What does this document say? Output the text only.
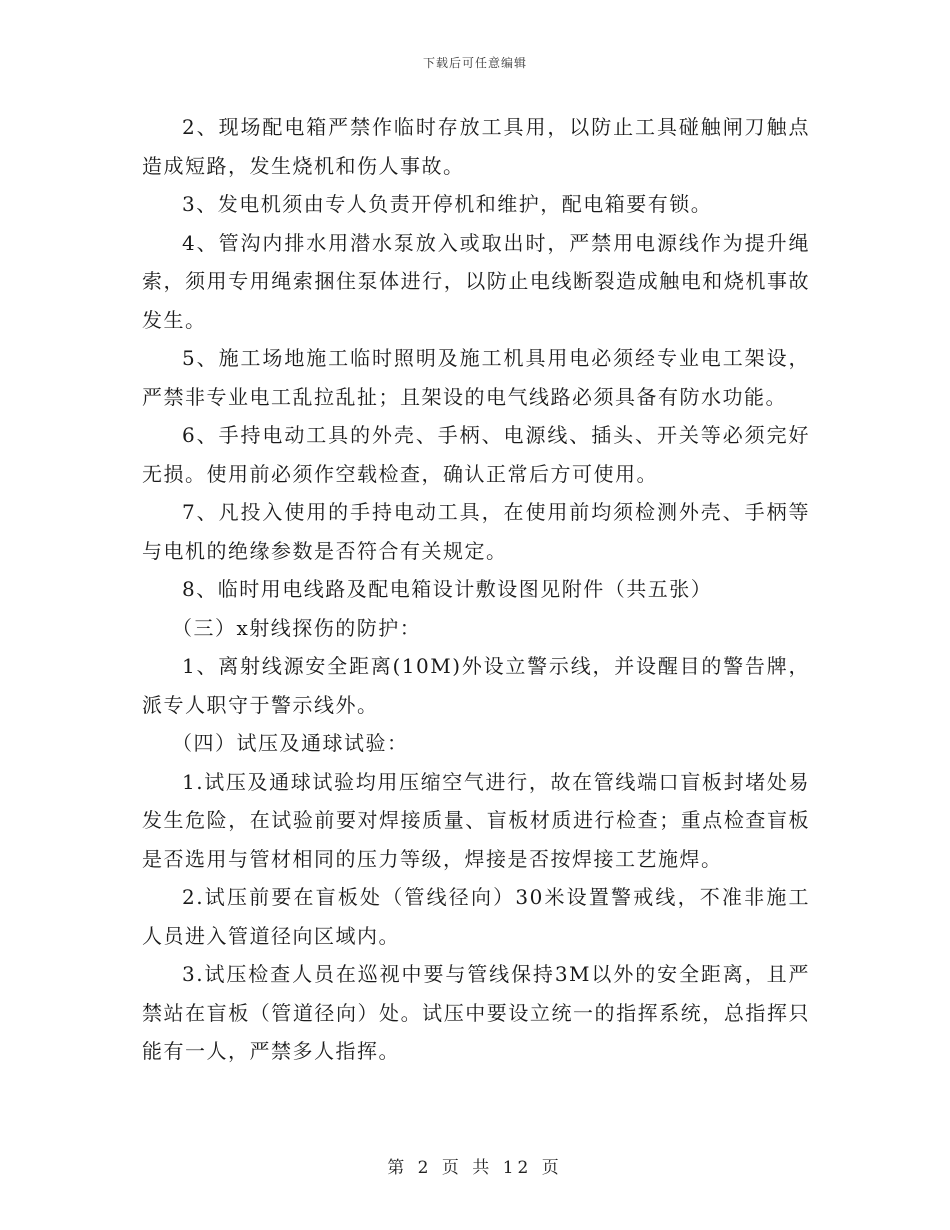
下载后可任意编辑

2、现场配电箱严禁作临时存放工具用，以防止工具碰触闸刀触点造成短路，发生烧机和伤人事故。

3、发电机须由专人负责开停机和维护，配电箱要有锁。

4、管沟内排水用潜水泵放入或取出时，严禁用电源线作为提升绳索，须用专用绳索捆住泵体进行，以防止电线断裂造成触电和烧机事故发生。

5、施工场地施工临时照明及施工机具用电必须经专业电工架设，严禁非专业电工乱拉乱扯；且架设的电气线路必须具备有防水功能。

6、手持电动工具的外壳、手柄、电源线、插头、开关等必须完好无损。使用前必须作空载检查，确认正常后方可使用。

7、凡投入使用的手持电动工具，在使用前均须检测外壳、手柄等与电机的绝缘参数是否符合有关规定。

8、临时用电线路及配电箱设计敷设图见附件（共五张）

（三）x射线探伤的防护：

1、离射线源安全距离(10M)外设立警示线，并设醒目的警告牌，派专人职守于警示线外。

（四）试压及通球试验：

1.试压及通球试验均用压缩空气进行，故在管线端口盲板封堵处易发生危险，在试验前要对焊接质量、盲板材质进行检查；重点检查盲板是否选用与管材相同的压力等级，焊接是否按焊接工艺施焊。

2.试压前要在盲板处（管线径向）30米设置警戒线，不准非施工人员进入管道径向区域内。

3.试压检查人员在巡视中要与管线保持3M以外的安全距离，且严禁站在盲板（管道径向）处。试压中要设立统一的指挥系统，总指挥只能有一人，严禁多人指挥。

第 2 页 共 12 页
